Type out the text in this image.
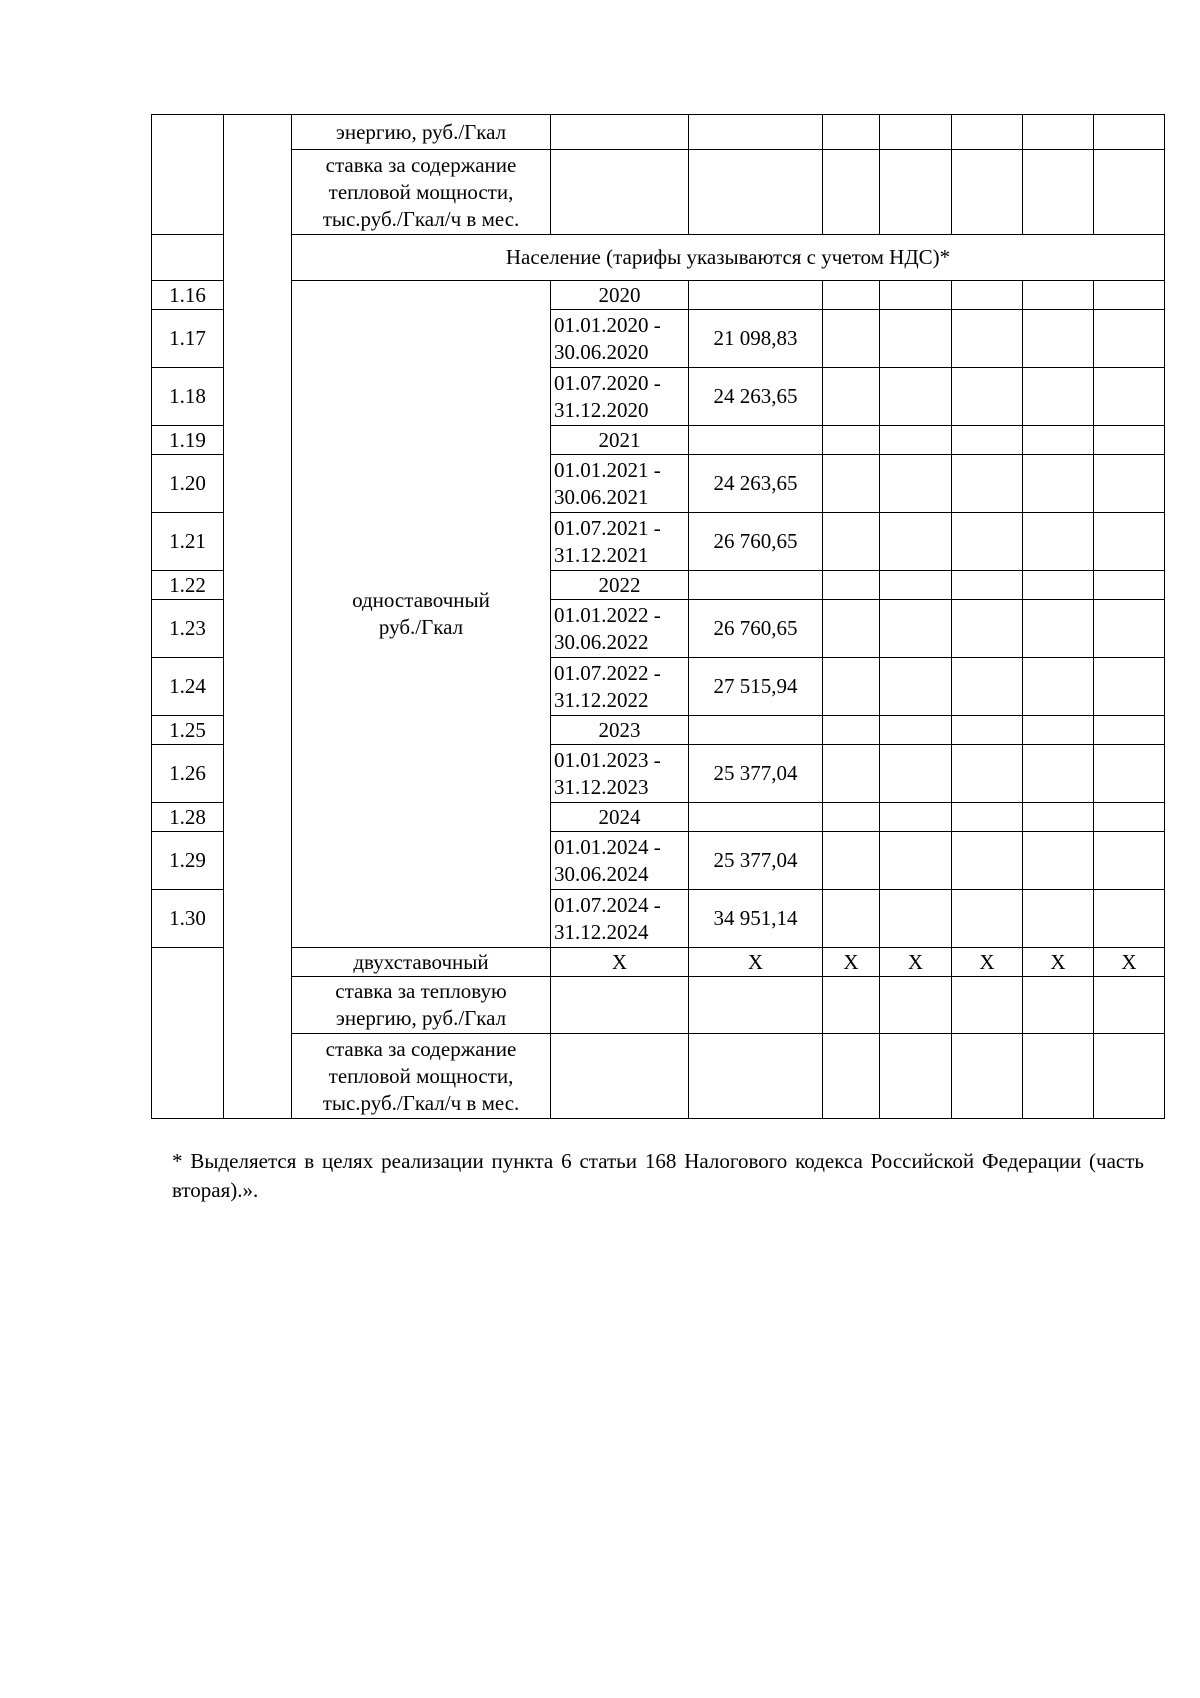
		энергию, руб./Гкал							
		ставка за содержание тепловой мощности, тыс.руб./Гкал/ч в мес.							
		Население (тарифы указываются с учетом НДС)*							
1.16		одноставочный руб./Гкал	2020						
1.17			01.01.2020 - 30.06.2020	21 098,83					
1.18			01.07.2020 - 31.12.2020	24 263,65					
1.19			2021						
1.20			01.01.2021 - 30.06.2021	24 263,65					
1.21			01.07.2021 - 31.12.2021	26 760,65					
1.22			2022						
1.23			01.01.2022 - 30.06.2022	26 760,65					
1.24			01.07.2022 - 31.12.2022	27 515,94					
1.25			2023						
1.26			01.01.2023 - 31.12.2023	25 377,04					
1.28			2024						
1.29			01.01.2024 - 30.06.2024	25 377,04					
1.30			01.07.2024 - 31.12.2024	34 951,14					
		двухставочный	X	X	X	X	X	X	X
		ставка за тепловую энергию, руб./Гкал							
		ставка за содержание тепловой мощности, тыс.руб./Гкал/ч в мес.							
* Выделяется в целях реализации пункта 6 статьи 168 Налогового кодекса Российской Федерации (часть вторая).».
